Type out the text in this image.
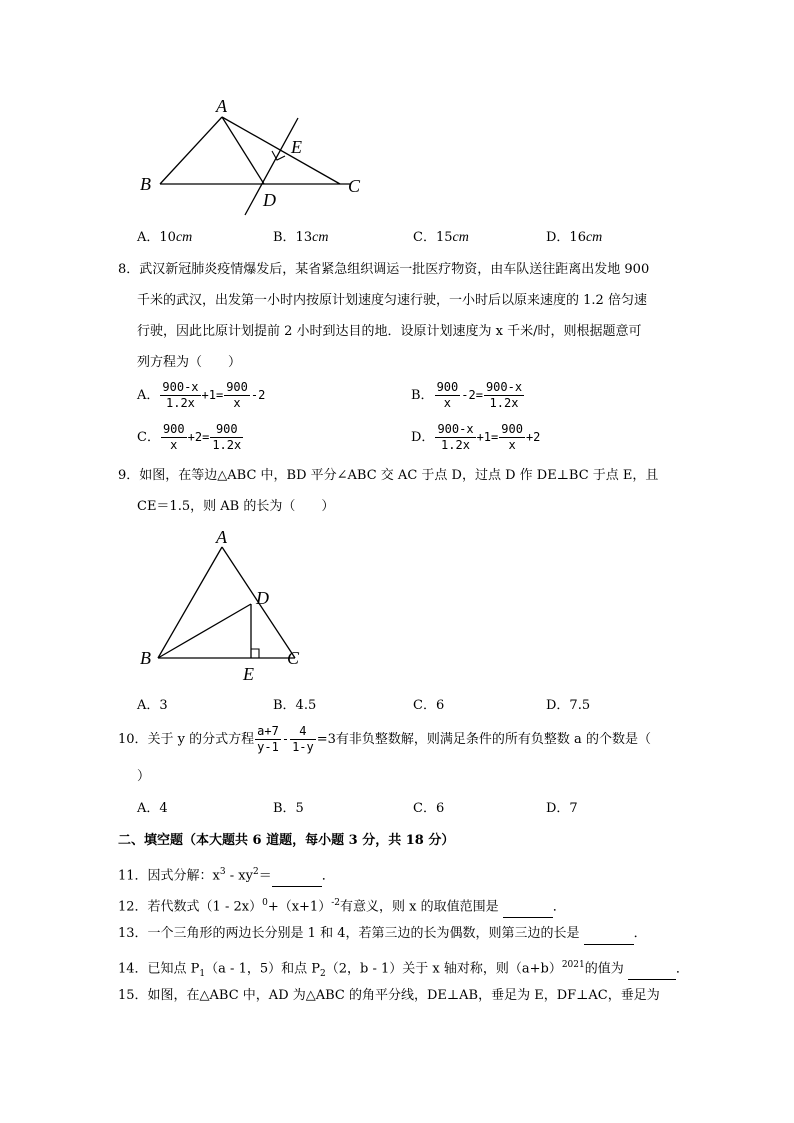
A
B	C
D
E
A．10cm	B．13cm	C．15cm	D．16cm
8．武汉新冠肺炎疫情爆发后，某省紧急组织调运一批医疗物资，由车队送往距离出发地 900
千米的武汉，出发第一小时内按原计划速度匀速行驶，一小时后以原来速度的 1.2 倍匀速
行驶，因此比原计划提前 2 小时到达目的地．设原计划速度为 x 千米/时，则根据题意可
列方程为（　　）
A． $\frac{900-x}{1.2x} +1= \frac{900}{x} -2$	B． $\frac{900}{x} -2= \frac{900-x}{1.2x}$
C． $\frac{900}{x} +2= \frac{900}{1.2x}$	D． $\frac{900-x}{1.2x} +1= \frac{900}{x} +2$
9．如图，在等边△ABC 中，BD 平分∠ABC 交 AC 于点 D，过点 D 作 DE⊥BC 于点 E，且
CE＝1.5，则 AB 的长为（　　）
A
B	C
D
E
A．3	B．4.5	C．6	D．7.5
10．关于 y 的分式方程 $\frac{a+7}{y-1} - \frac{4}{1-y} =3$有非负整数解，则满足条件的所有负整数 a 的个数是（
）
A．4	B．5	C．6	D．7
二、填空题（本大题共 6 道题，每小题 3 分，共 18 分）
11．因式分解：$x^3 - xy^2=$	．
12．若代数式$(1 - 2x)^0+(x+1)^{-2}$有意义，则 x 的取值范围是	．
13．一个三角形的两边长分别是 1 和 4，若第三边的长为偶数，则第三边的长是	．
14．已知点 $P_1(a - 1$，5）和点 $P_2(2$，b - 1）关于 x 轴对称，则$(a+b)^{2021}$的值为	．
15．如图，在△ABC 中，AD 为△ABC 的角平分线，DE⊥AB，垂足为 E，DF⊥AC，垂足为
